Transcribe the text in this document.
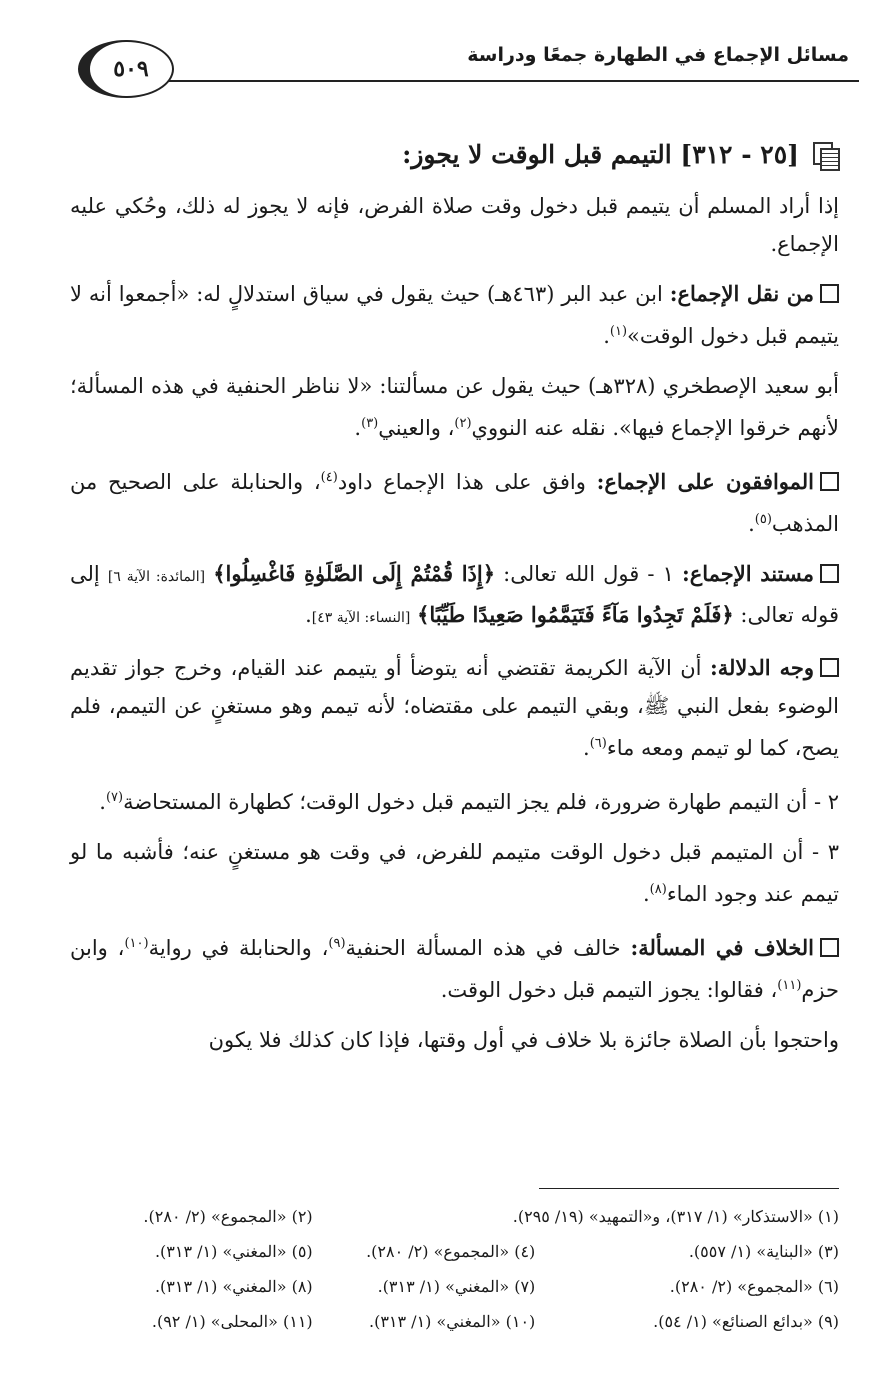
مسائل الإجماع في الطهارة جمعًا ودراسة
٥٠٩
[٢٥ - ٣١٢] التيمم قبل الوقت لا يجوز:

إذا أراد المسلم أن يتيمم قبل دخول وقت صلاة الفرض، فإنه لا يجوز له ذلك، وحُكي عليه الإجماع.

من نقل الإجماع: ابن عبد البر (٤٦٣هـ) حيث يقول في سياق استدلالٍ له: «أجمعوا أنه لا يتيمم قبل دخول الوقت»$^{(١)}$.

أبو سعيد الإصطخري (٣٢٨هـ) حيث يقول عن مسألتنا: «لا نناظر الحنفية في هذه المسألة؛ لأنهم خرقوا الإجماع فيها». نقله عنه النووي$^{(٢)}$، والعيني$^{(٣)}$.

الموافقون على الإجماع: وافق على هذا الإجماع داود$^{(٤)}$، والحنابلة على الصحيح من المذهب$^{(٥)}$.

مستند الإجماع: ١ - قول الله تعالى: ﴿إِذَا قُمْتُمْ إِلَى الصَّلَوٰةِ فَاغْسِلُوا﴾ [المائدة: الآية ٦] إلى قوله تعالى: ﴿فَلَمْ تَجِدُوا مَآءً فَتَيَمَّمُوا صَعِيدًا طَيِّبًا﴾ [النساء: الآية ٤٣].

وجه الدلالة: أن الآية الكريمة تقتضي أنه يتوضأ أو يتيمم عند القيام، وخرج جواز تقديم الوضوء بفعل النبي ﷺ، وبقي التيمم على مقتضاه؛ لأنه تيمم وهو مستغنٍ عن التيمم، فلم يصح، كما لو تيمم ومعه ماء$^{(٦)}$.

٢ - أن التيمم طهارة ضرورة، فلم يجز التيمم قبل دخول الوقت؛ كطهارة المستحاضة$^{(٧)}$.

٣ - أن المتيمم قبل دخول الوقت متيمم للفرض، في وقت هو مستغنٍ عنه؛ فأشبه ما لو تيمم عند وجود الماء$^{(٨)}$.

الخلاف في المسألة: خالف في هذه المسألة الحنفية$^{(٩)}$، والحنابلة في رواية$^{(١٠)}$، وابن حزم$^{(١١)}$، فقالوا: يجوز التيمم قبل دخول الوقت.

واحتجوا بأن الصلاة جائزة بلا خلاف في أول وقتها، فإذا كان كذلك فلا يكون

(١) «الاستذكار» (١/ ٣١٧)، و«التمهيد» (١٩/ ٢٩٥).
(٢) «المجموع» (٢/ ٢٨٠).
(٣) «البناية» (١/ ٥٥٧).
(٤) «المجموع» (٢/ ٢٨٠).
(٥) «المغني» (١/ ٣١٣).
(٦) «المجموع» (٢/ ٢٨٠).
(٧) «المغني» (١/ ٣١٣).
(٨) «المغني» (١/ ٣١٣).
(٩) «بدائع الصنائع» (١/ ٥٤).
(١٠) «المغني» (١/ ٣١٣).
(١١) «المحلى» (١/ ٩٢).
